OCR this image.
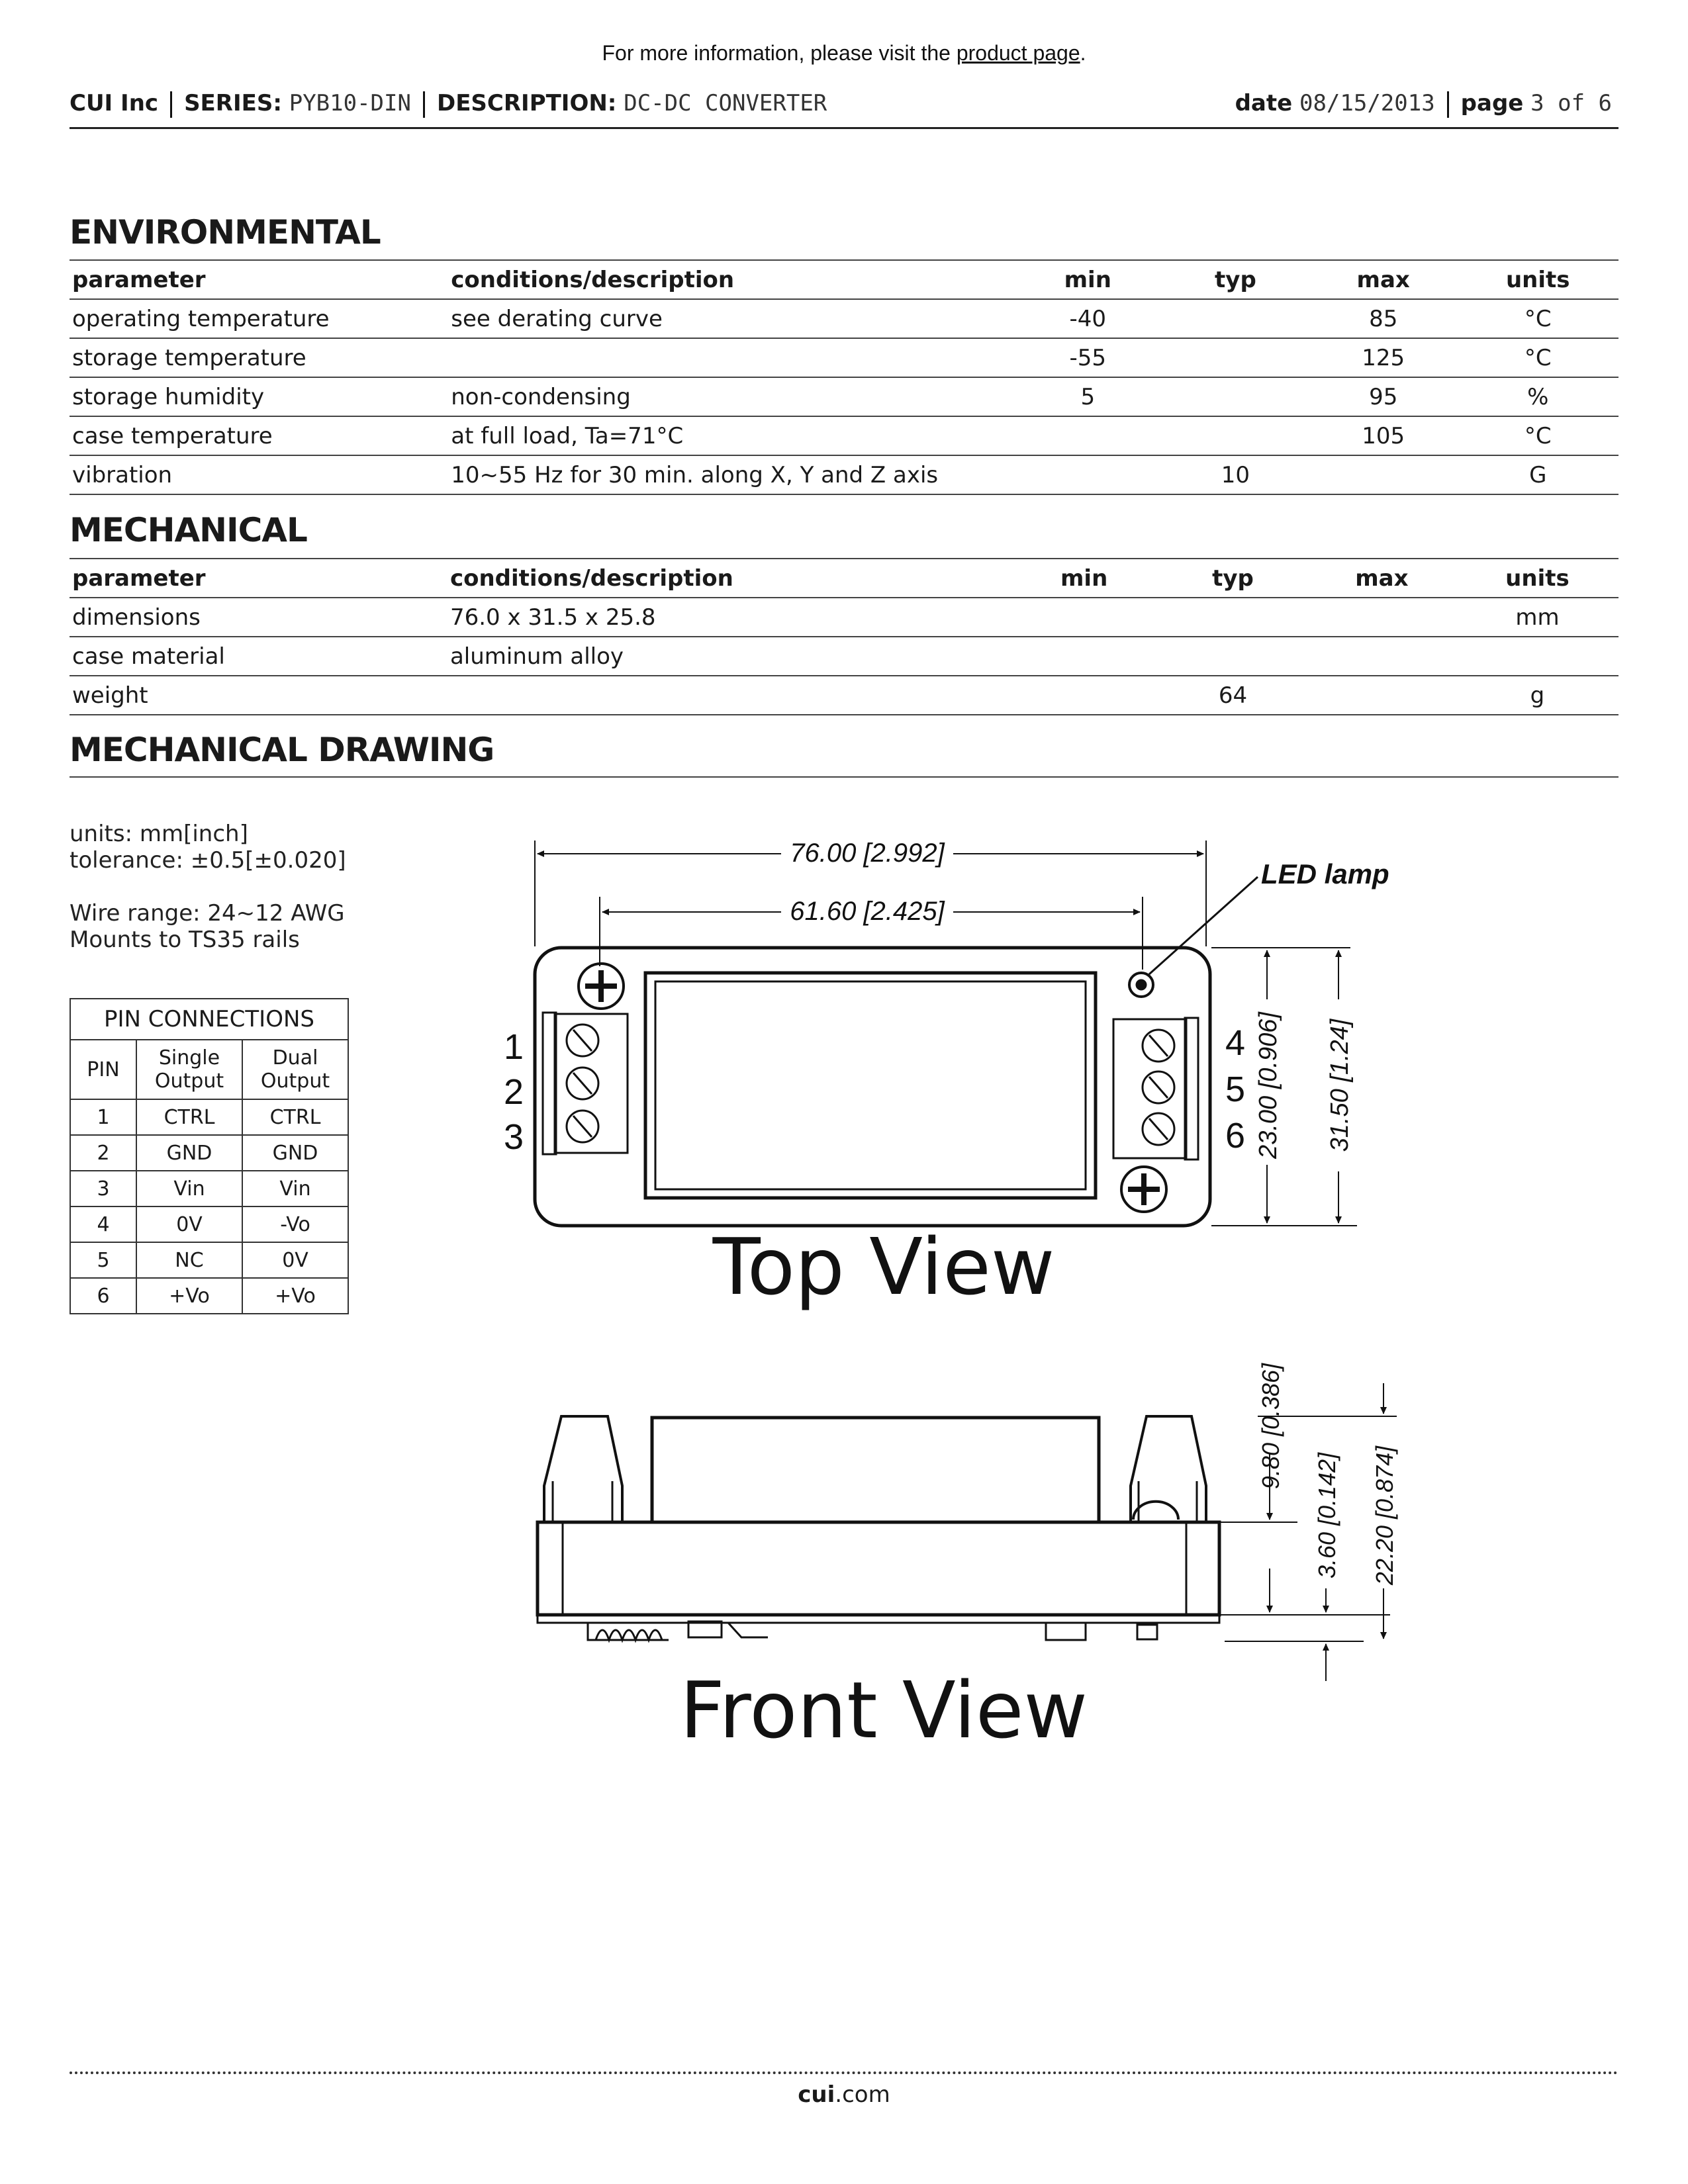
For more information, please visit the product page.
CUI Inc SERIES: PYB10-DIN DESCRIPTION: DC-DC CONVERTER	date 08/15/2013 page 3 of 6
ENVIRONMENTAL
parameter	conditions/description	min	typ	max	units
operating temperature	see derating curve	-40		85	°C
storage temperature		-55		125	°C
storage humidity	non-condensing	5		95	%
case temperature	at full load, Ta=71°C			105	°C
vibration	10~55 Hz for 30 min. along X, Y and Z axis		10		G
MECHANICAL
parameter	conditions/description	min	typ	max	units
dimensions	76.0 x 31.5 x 25.8				mm
case material	aluminum alloy				
weight			64		g
MECHANICAL DRAWING
units: mm[inch]
tolerance: ±0.5[±0.020]
Wire range: 24~12 AWG
Mounts to TS35 rails
PIN CONNECTIONS		
PIN	Single Output	Dual Output
1	CTRL	CTRL
2	GND	GND
3	Vin	Vin
4	0V	-Vo
5	NC	0V
6	+Vo	+Vo
76.00 [2.992]
61.60 [2.425]
LED lamp
23.00 [0.906] 31.50 [1.24]
9.80 [0.386]
3.60 [0.142] 22.20 [0.874]
1
2
3
4
5
6
Top View
Front View
cui.com
